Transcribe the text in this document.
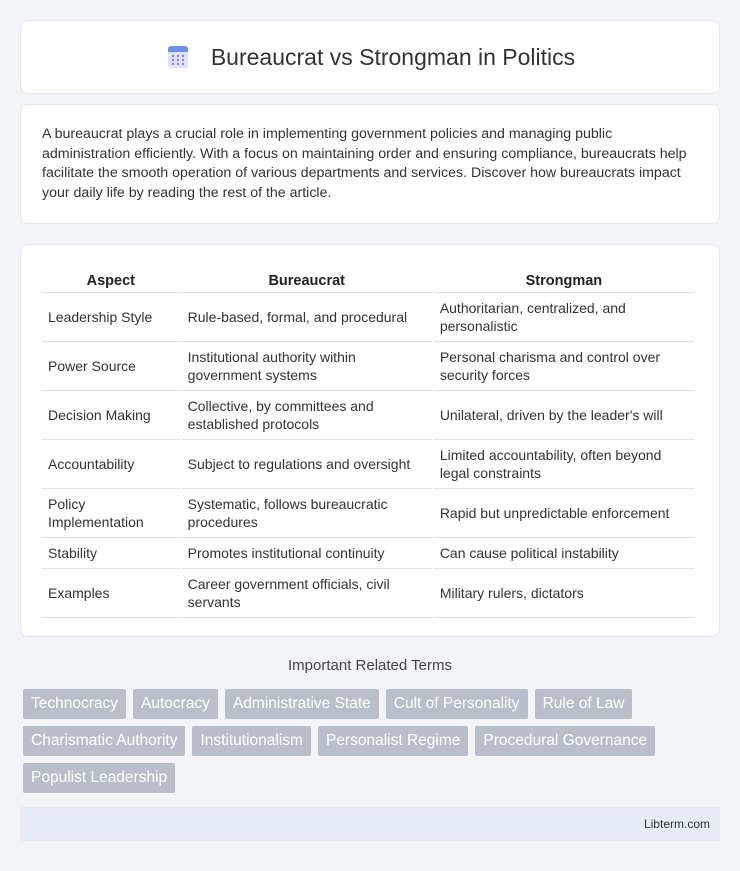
Bureaucrat vs Strongman in Politics

A bureaucrat plays a crucial role in implementing government policies and managing public administration efficiently. With a focus on maintaining order and ensuring compliance, bureaucrats help facilitate the smooth operation of various departments and services. Discover how bureaucrats impact your daily life by reading the rest of the article.

Aspect	Bureaucrat	Strongman
Leadership Style	Rule-based, formal, and procedural	Authoritarian, centralized, and personalistic
Power Source	Institutional authority within government systems	Personal charisma and control over security forces
Decision Making	Collective, by committees and established protocols	Unilateral, driven by the leader's will
Accountability	Subject to regulations and oversight	Limited accountability, often beyond legal constraints
Policy Implementation	Systematic, follows bureaucratic procedures	Rapid but unpredictable enforcement
Stability	Promotes institutional continuity	Can cause political instability
Examples	Career government officials, civil servants	Military rulers, dictators
Important Related Terms
Technocracy	Autocracy	Administrative State	Cult of Personality	Rule of Law
Charismatic Authority	Institutionalism	Personalist Regime	Procedural Governance
Populist Leadership
Libterm.com
